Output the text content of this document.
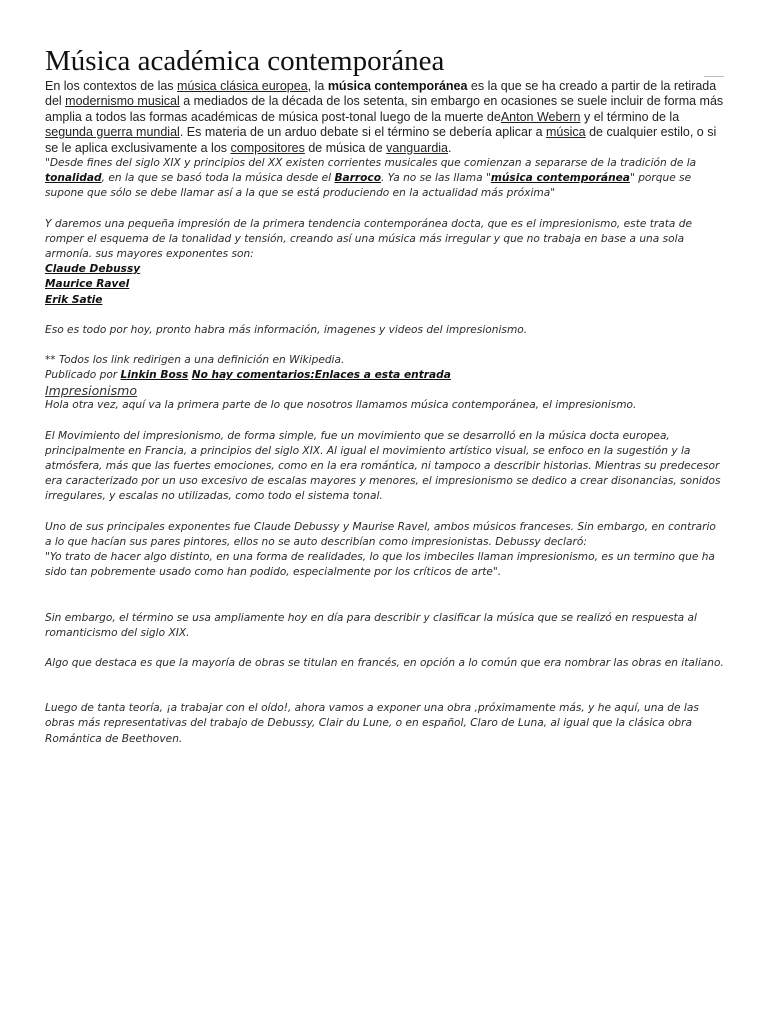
Música académica contemporánea

En los contextos de las música clásica europea, la música contemporánea es la que se ha creado a partir de la retirada del modernismo musical a mediados de la década de los setenta, sin embargo en ocasiones se suele incluir de forma más amplia a todos las formas académicas de música post-tonal luego de la muerte deAnton Webern y el término de la segunda guerra mundial. Es materia de un arduo debate si el término se debería aplicar a música de cualquier estilo, o si se le aplica exclusivamente a los compositores de música de vanguardia.

"Desde fines del siglo XIX y principios del XX existen corrientes musicales que comienzan a separarse de la tradición de la tonalidad, en la que se basó toda la música desde el Barroco. Ya no se las llama "música contemporánea" porque se supone que sólo se debe llamar así a la que se está produciendo en la actualidad más próxima"

Y daremos una pequeña impresión de la primera tendencia contemporánea docta, que es el impresionismo, este trata de romper el esquema de la tonalidad y tensión, creando así una música más irregular y que no trabaja en base a una sola armonía. sus mayores exponentes son:

Claude Debussy
Maurice Ravel
Erik Satie

Eso es todo por hoy, pronto habra más información, imagenes y videos del impresionismo.

** Todos los link redirigen a una definición en Wikipedia.

Publicado por Linkin Boss No hay comentarios:Enlaces a esta entrada

Impresionismo

Hola otra vez, aquí va la primera parte de lo que nosotros llamamos música contemporánea, el impresionismo.

El Movimiento del impresionismo, de forma simple, fue un movimiento que se desarrolló en la música docta europea, principalmente en Francia, a principios del siglo XIX. Al igual el movimiento artístico visual, se enfoco en la sugestión y la atmósfera, más que las fuertes emociones, como en la era romántica, ni tampoco a describir historias. Mientras su predecesor era caracterizado por un uso excesivo de escalas mayores y menores, el impresionismo se dedico a crear disonancias, sonidos irregulares, y escalas no utilizadas, como todo el sistema tonal.

Uno de sus principales exponentes fue Claude Debussy y Maurise Ravel, ambos músicos franceses. Sin embargo, en contrario a lo que hacían sus pares pintores, ellos no se auto describían como impresionistas. Debussy declaró:
"Yo trato de hacer algo distinto, en una forma de realidades, lo que los imbeciles llaman impresionismo, es un termino que ha sido tan pobremente usado como han podido, especialmente por los críticos de arte".

Sin embargo, el término se usa ampliamente hoy en día para describir y clasificar la música que se realizó en respuesta al romanticismo del siglo XIX.

Algo que destaca es que la mayoría de obras se titulan en francés, en opción a lo común que era nombrar las obras en italiano.

Luego de tanta teoría, ¡a trabajar con el oído!, ahora vamos a exponer una obra ,próximamente más, y he aquí, una de las obras más representativas del trabajo de Debussy, Clair du Lune, o en español, Claro de Luna, al igual que la clásica obra Romántica de Beethoven.
